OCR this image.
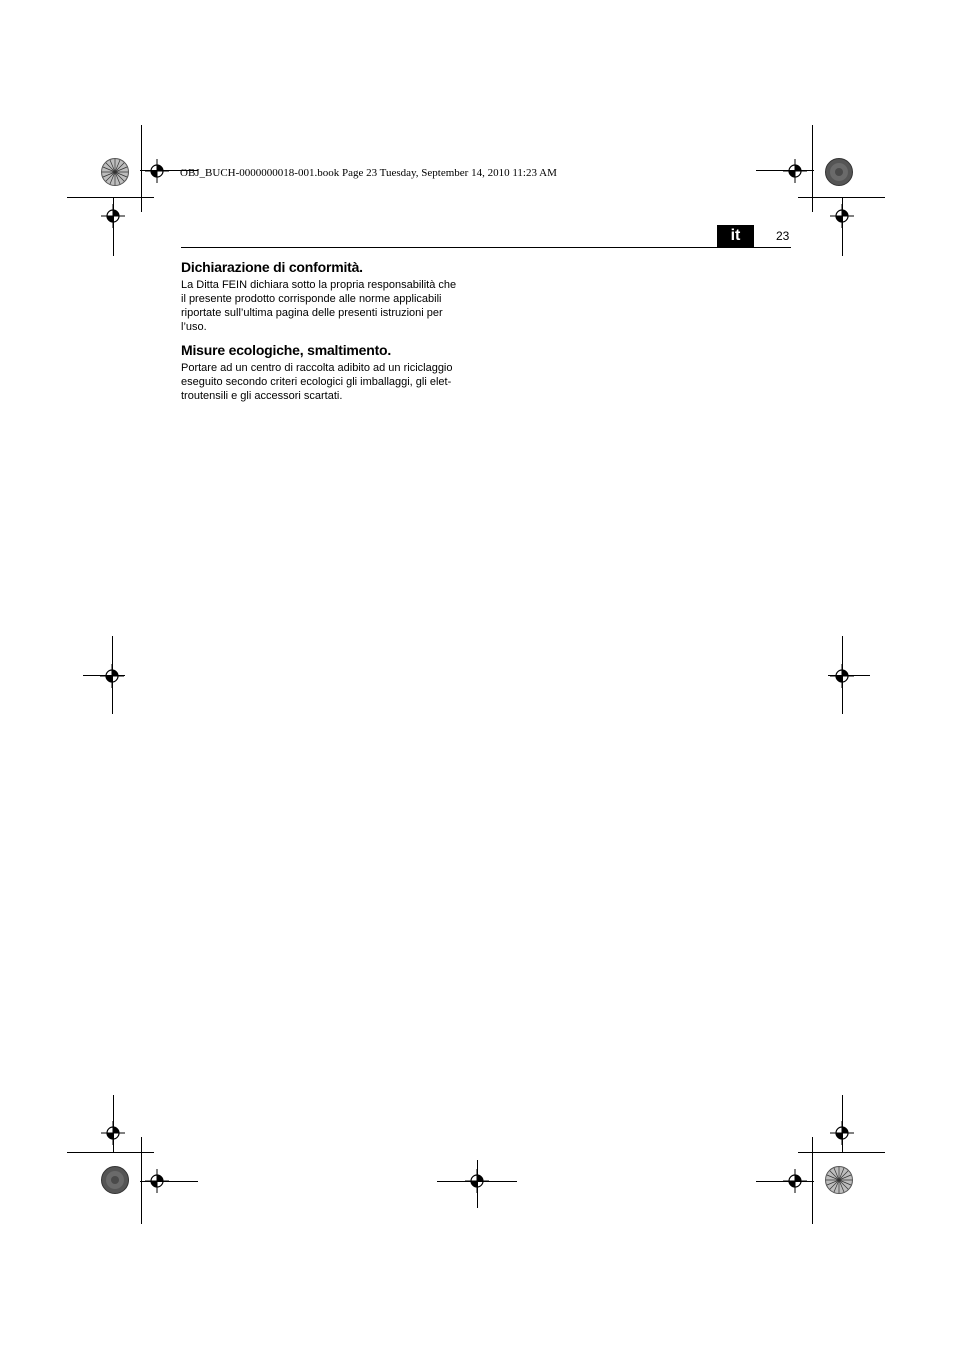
OBJ_BUCH-0000000018-001.book Page 23 Tuesday, September 14, 2010 11:23 AM
it	23
Dichiarazione di conformità.
La Ditta FEIN dichiara sotto la propria responsabilità che
il presente prodotto corrisponde alle norme applicabili
riportate sull’ultima pagina delle presenti istruzioni per
l’uso.
Misure ecologiche, smaltimento.
Portare ad un centro di raccolta adibito ad un riciclaggio
eseguito secondo criteri ecologici gli imballaggi, gli elet-
troutensili e gli accessori scartati.
